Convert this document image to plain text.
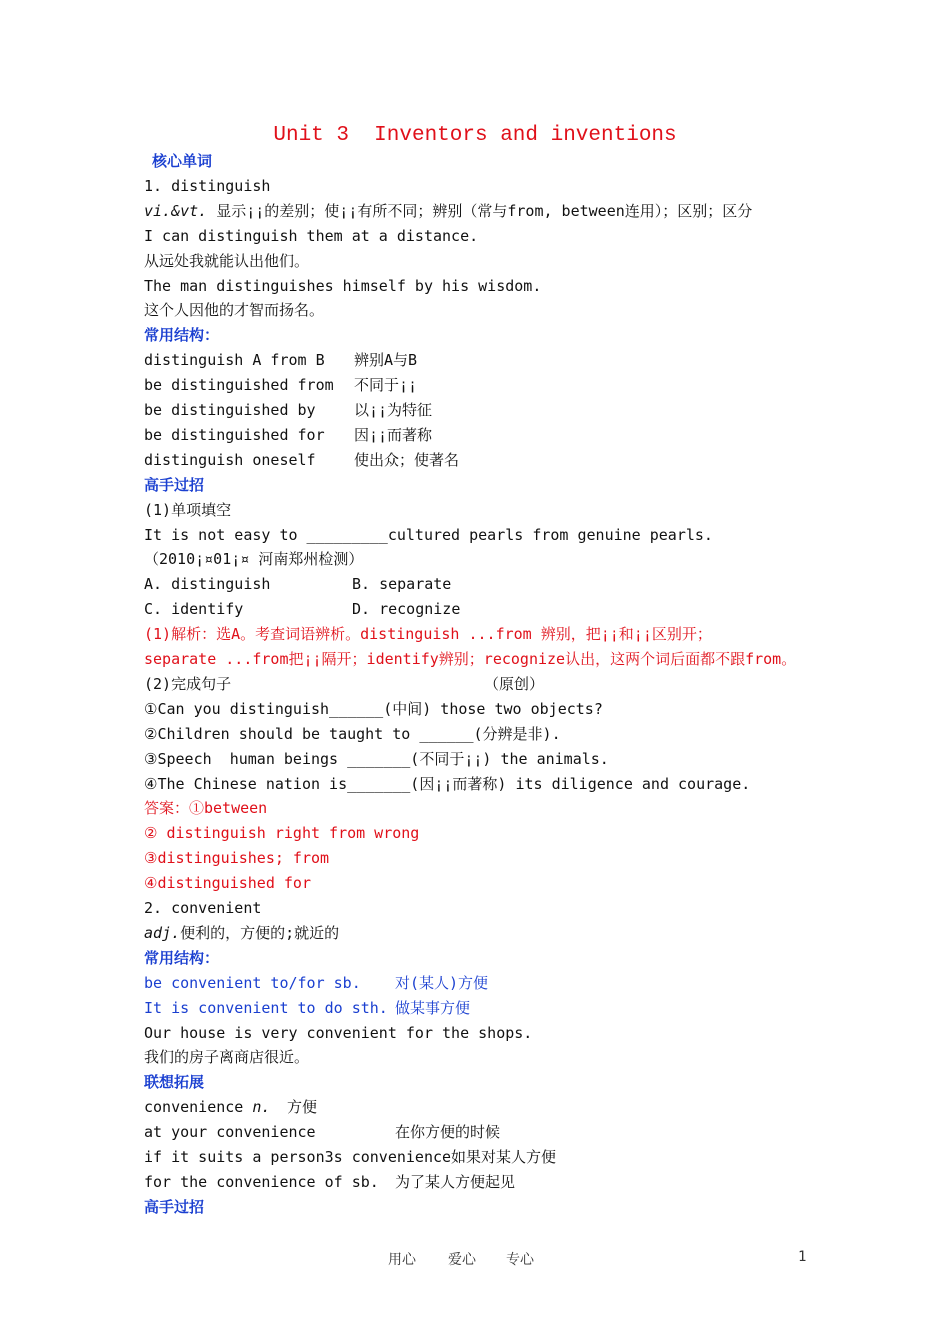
Unit 3  Inventors and inventions
核心单词
1. distinguish
vi.&vt. 显示¡¡的差别；使¡¡有所不同；辨别（常与from, between连用）；区别；区分
I can distinguish them at a distance.
从远处我就能认出他们。
The man distinguishes himself by his wisdom.
这个人因他的才智而扬名。
常用结构：
distinguish A from B 辨别A与B
be distinguished from 不同于¡¡
be distinguished by	以¡¡为特征
be distinguished for 因¡¡而著称
distinguish oneself	使出众；使著名
高手过招
(1)单项填空
It is not easy to _________cultured pearls from genuine pearls.
（2010¡¤01¡¤ 河南郑州检测）
A. distinguish	B. separate
C. identify	D. recognize
(1)解析：选A。考查词语辨析。distinguish ...from 辨别，把¡¡和¡¡区别开；
separate ...from把¡¡隔开；identify辨别；recognize认出，这两个词后面都不跟from。
(2)完成句子	（原创）
①Can you distinguish______(中间) those two objects?
②Children should be taught to ______(分辨是非).
③Speech  human beings _______(不同于¡¡) the animals.
④The Chinese nation is_______(因¡¡而著称) its diligence and courage.
答案：①between
② distinguish right from wrong
③distinguishes; from
④distinguished for
2. convenient
adj.便利的，方便的;就近的
常用结构：
be convenient to/for sb. 对(某人)方便
It is convenient to do sth. 做某事方便
Our house is very convenient for the shops.
我们的房子离商店很近。
联想拓展
convenience n. 方便
at your convenience	在你方便的时候
if it suits a person3s convenience如果对某人方便
for the convenience of sb. 为了某人方便起见
高手过招
用心 爱心 专心	1
